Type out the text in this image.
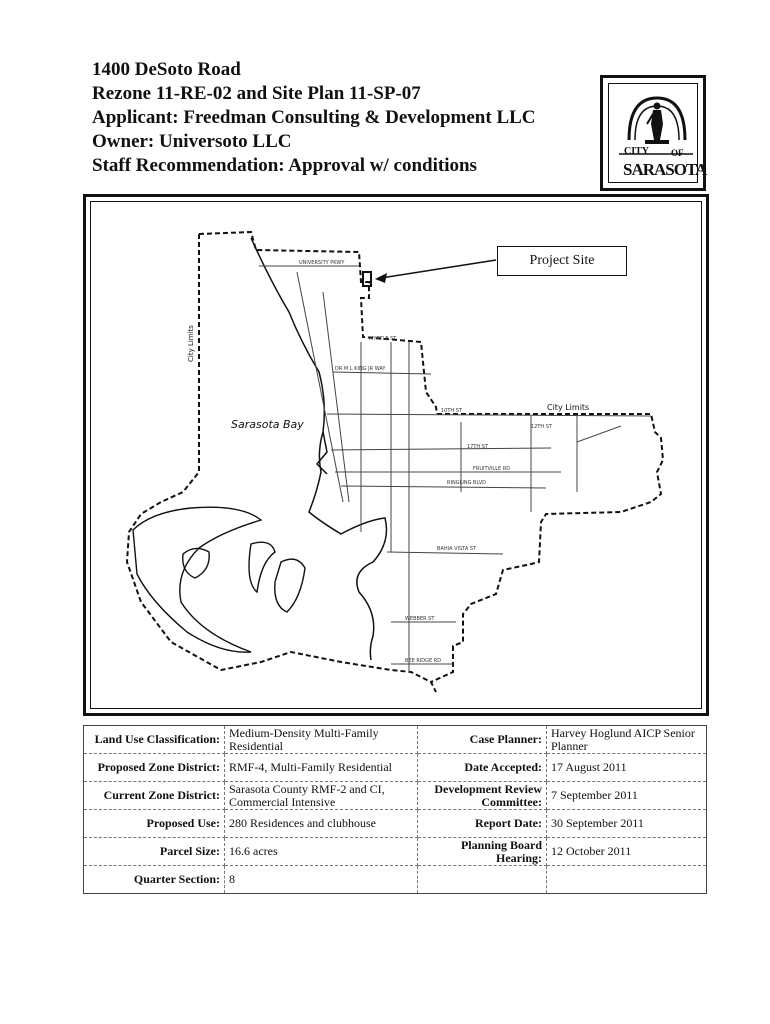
1400 DeSoto Road
Rezone 11-RE-02 and Site Plan 11-SP-07
Applicant: Freedman Consulting & Development LLC
Owner: Universoto LLC
Staff Recommendation: Approval w/ conditions
CITY OF
SARASOTA
Sarasota Bay
City Limits
City Limits
UNIVERSITY PKWY
MYRTLE ST
DR M L KING JR WAY
10TH ST
12TH ST
17TH ST
FRUITVILLE RD
RINGLING BLVD
BAHIA VISTA ST
WEBBER ST
BEE RIDGE RD
Project Site
Land Use Classification:	Medium-Density Multi-Family Residential	Case Planner:	Harvey Hoglund AICP Senior Planner
Proposed Zone District:	RMF-4, Multi-Family Residential	Date Accepted:	17 August 2011
Current Zone District:	Sarasota County RMF-2 and CI, Commercial Intensive	Development Review Committee:	7 September 2011
Proposed Use:	280 Residences and clubhouse	Report Date:	30 September 2011
Parcel Size:	16.6 acres	Planning Board Hearing:	12 October 2011
Quarter Section:	8		
